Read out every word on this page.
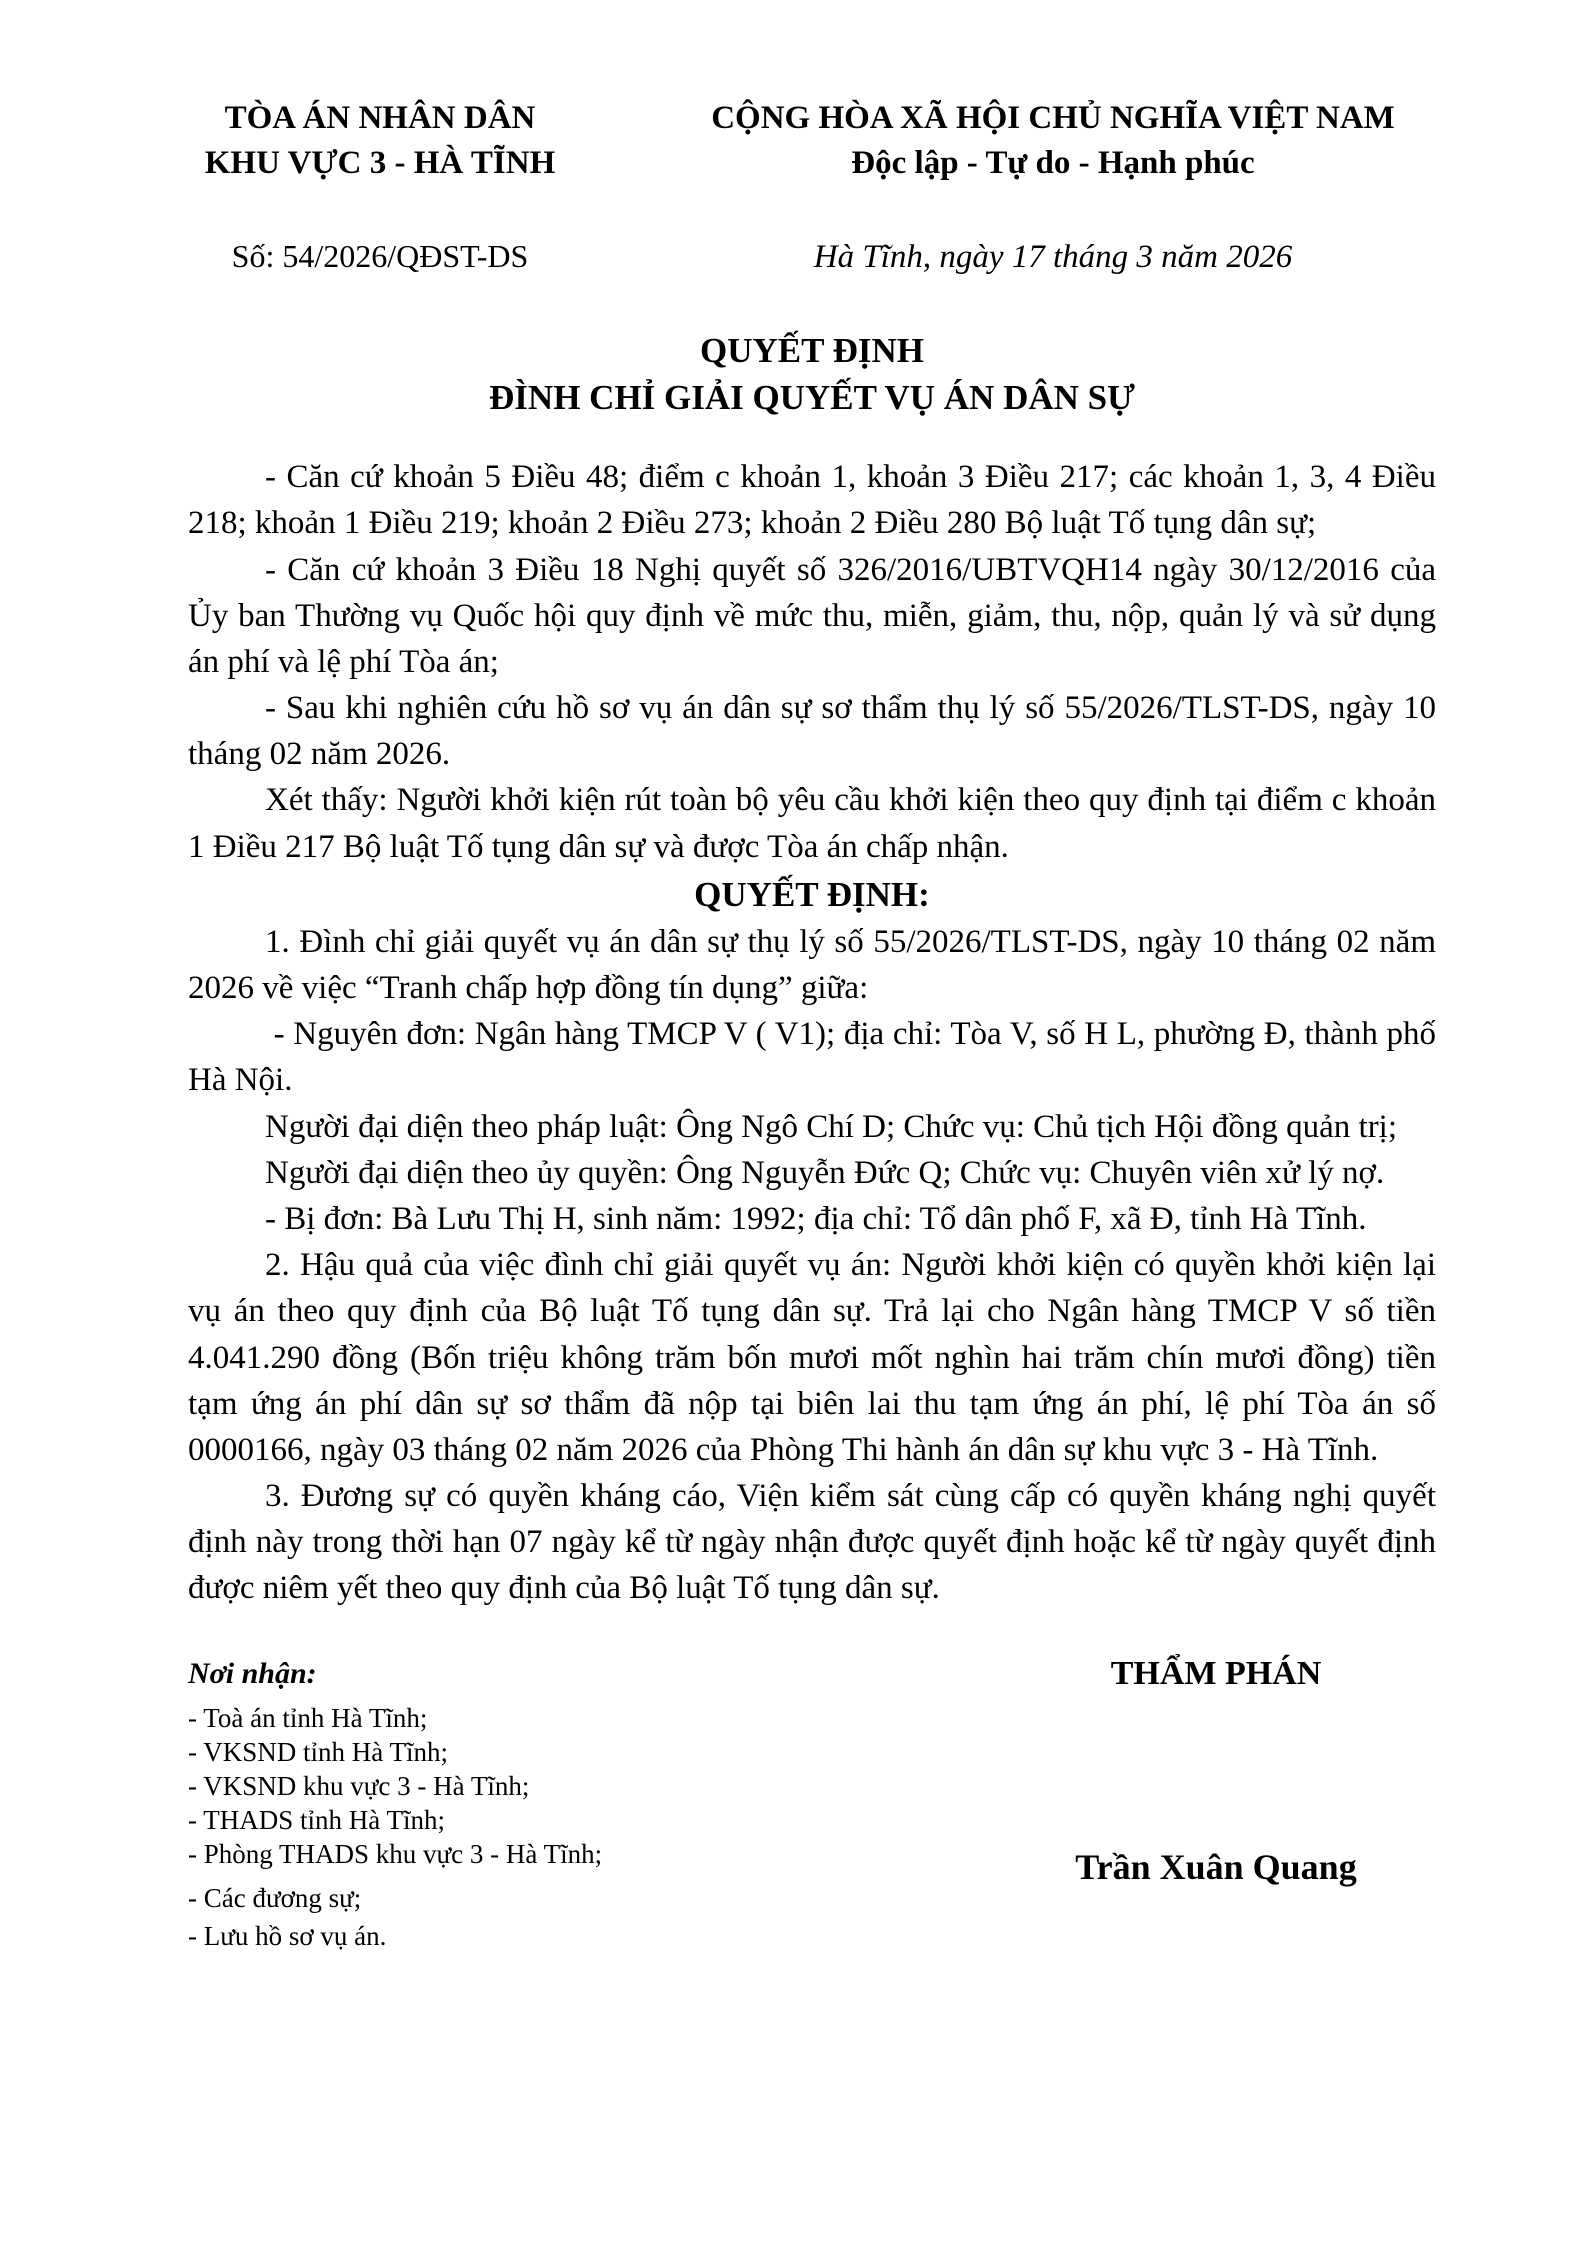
TÒA ÁN NHÂN DÂN
KHU VỰC 3 - HÀ TĨNH
Số: 54/2026/QĐST-DS
CỘNG HÒA XÃ HỘI CHỦ NGHĨA VIỆT NAM
Độc lập - Tự do - Hạnh phúc
Hà Tĩnh, ngày 17 tháng 3 năm 2026
QUYẾT ĐỊNH
ĐÌNH CHỈ GIẢI QUYẾT VỤ ÁN DÂN SỰ

- Căn cứ khoản 5 Điều 48; điểm c khoản 1, khoản 3 Điều 217; các khoản 1, 3, 4 Điều 218; khoản 1 Điều 219; khoản 2 Điều 273; khoản 2 Điều 280 Bộ luật Tố tụng dân sự;

- Căn cứ khoản 3 Điều 18 Nghị quyết số 326/2016/UBTVQH14 ngày 30/12/2016 của Ủy ban Thường vụ Quốc hội quy định về mức thu, miễn, giảm, thu, nộp, quản lý và sử dụng án phí và lệ phí Tòa án;

- Sau khi nghiên cứu hồ sơ vụ án dân sự sơ thẩm thụ lý số 55/2026/TLST-DS, ngày 10 tháng 02 năm 2026.

Xét thấy: Người khởi kiện rút toàn bộ yêu cầu khởi kiện theo quy định tại điểm c khoản 1 Điều 217 Bộ luật Tố tụng dân sự và được Tòa án chấp nhận.

QUYẾT ĐỊNH:

1. Đình chỉ giải quyết vụ án dân sự thụ lý số 55/2026/TLST-DS, ngày 10 tháng 02 năm 2026 về việc “Tranh chấp hợp đồng tín dụng” giữa:

- Nguyên đơn: Ngân hàng TMCP V ( V1); địa chỉ: Tòa V, số H L, phường Đ, thành phố Hà Nội.

Người đại diện theo pháp luật: Ông Ngô Chí D; Chức vụ: Chủ tịch Hội đồng quản trị;

Người đại diện theo ủy quyền: Ông Nguyễn Đức Q; Chức vụ: Chuyên viên xử lý nợ.

- Bị đơn: Bà Lưu Thị H, sinh năm: 1992; địa chỉ: Tổ dân phố F, xã Đ, tỉnh Hà Tĩnh.

2. Hậu quả của việc đình chỉ giải quyết vụ án: Người khởi kiện có quyền khởi kiện lại vụ án theo quy định của Bộ luật Tố tụng dân sự. Trả lại cho Ngân hàng TMCP V số tiền 4.041.290 đồng (Bốn triệu không trăm bốn mươi mốt nghìn hai trăm chín mươi đồng) tiền tạm ứng án phí dân sự sơ thẩm đã nộp tại biên lai thu tạm ứng án phí, lệ phí Tòa án số 0000166, ngày 03 tháng 02 năm 2026 của Phòng Thi hành án dân sự khu vực 3 - Hà Tĩnh.

3. Đương sự có quyền kháng cáo, Viện kiểm sát cùng cấp có quyền kháng nghị quyết định này trong thời hạn 07 ngày kể từ ngày nhận được quyết định hoặc kể từ ngày quyết định được niêm yết theo quy định của Bộ luật Tố tụng dân sự.

Nơi nhận:
- Toà án tỉnh Hà Tĩnh;
- VKSND tỉnh Hà Tĩnh;
- VKSND khu vực 3 - Hà Tĩnh;
- THADS tỉnh Hà Tĩnh;
- Phòng THADS khu vực 3 - Hà Tĩnh;
- Các đương sự;
- Lưu hồ sơ vụ án.
THẨM PHÁN
Trần Xuân Quang
